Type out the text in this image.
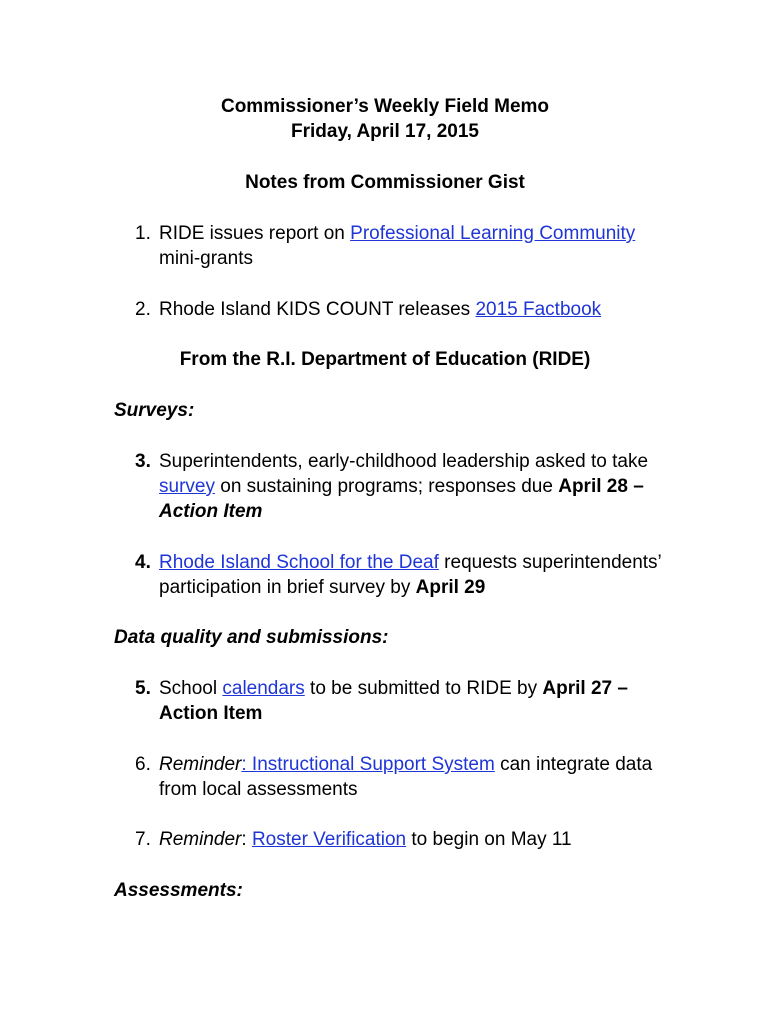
Commissioner’s Weekly Field Memo
Friday, April 17, 2015
Notes from Commissioner Gist
1. RIDE issues report on Professional Learning Community
mini-grants
2. Rhode Island KIDS COUNT releases 2015 Factbook
From the R.I. Department of Education (RIDE)
Surveys:
3. Superintendents, early-childhood leadership asked to take
survey on sustaining programs; responses due April 28 –
Action Item
4. Rhode Island School for the Deaf requests superintendents’
participation in brief survey by April 29
Data quality and submissions:
5. School calendars to be submitted to RIDE by April 27 –
Action Item
6. Reminder: Instructional Support System can integrate data
from local assessments
7. Reminder: Roster Verification to begin on May 11
Assessments:
